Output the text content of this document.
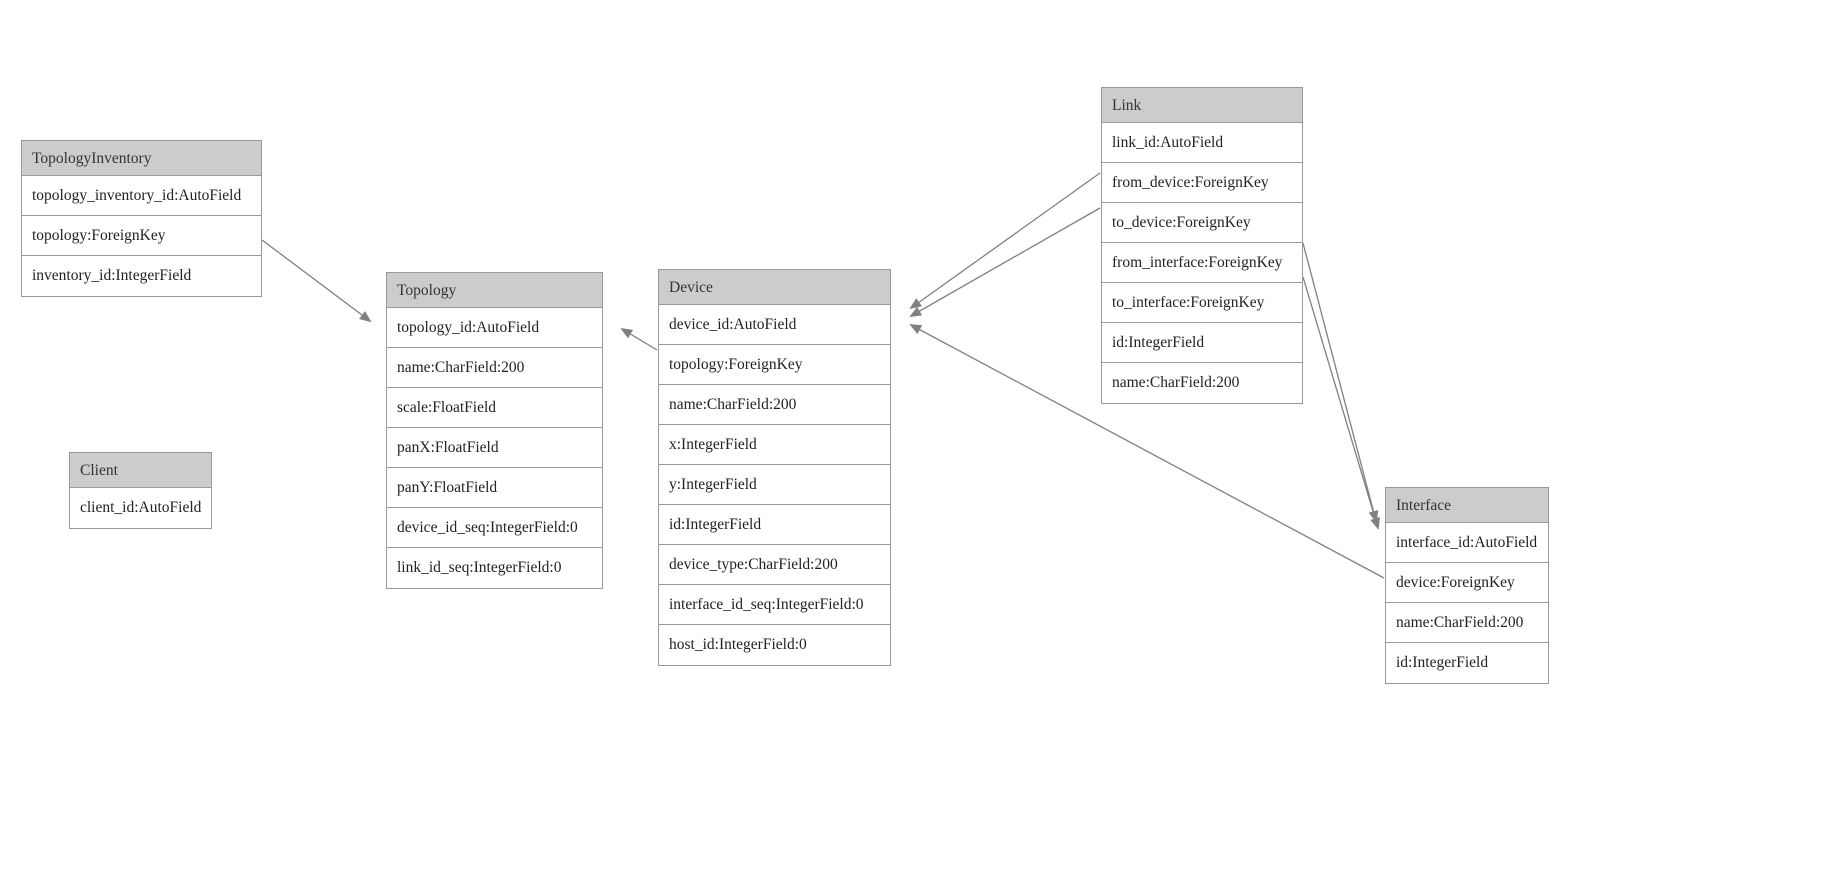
TopologyInventory
topology_inventory_id:AutoField
topology:ForeignKey
inventory_id:IntegerField
Client
client_id:AutoField
Topology
topology_id:AutoField
name:CharField:200
scale:FloatField
panX:FloatField
panY:FloatField
device_id_seq:IntegerField:0
link_id_seq:IntegerField:0
Device
device_id:AutoField
topology:ForeignKey
name:CharField:200
x:IntegerField
y:IntegerField
id:IntegerField
device_type:CharField:200
interface_id_seq:IntegerField:0
host_id:IntegerField:0
Link
link_id:AutoField
from_device:ForeignKey
to_device:ForeignKey
from_interface:ForeignKey
to_interface:ForeignKey
id:IntegerField
name:CharField:200
Interface
interface_id:AutoField
device:ForeignKey
name:CharField:200
id:IntegerField
